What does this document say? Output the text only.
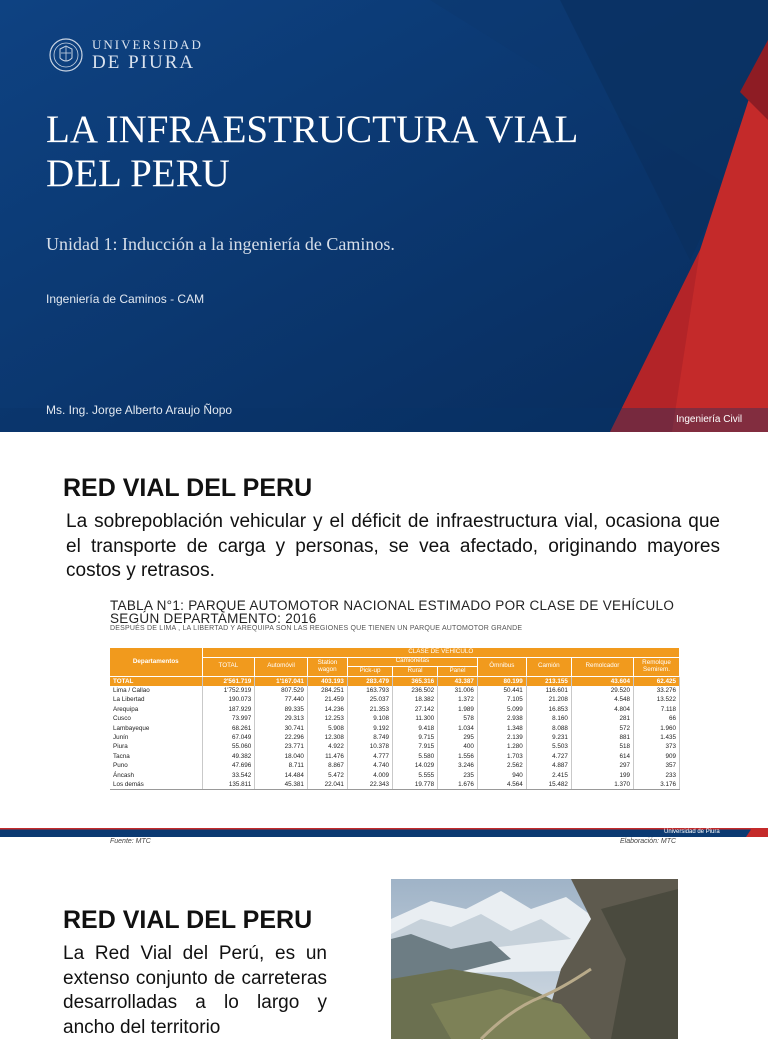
UNIVERSIDAD
DE PIURA
LA INFRAESTRUCTURA VIAL DEL PERU
Unidad 1: Inducción a la ingeniería de Caminos.
Ingeniería de Caminos - CAM
Ms. Ing. Jorge Alberto Araujo Ñopo
Ingeniería Civil
RED VIAL DEL PERU

La sobrepoblación vehicular y el déficit de infraestructura vial, ocasiona que el transporte de carga y personas, se vea afectado, originando mayores costos y retrasos.

TABLA N°1: PARQUE AUTOMOTOR NACIONAL ESTIMADO POR CLASE DE VEHÍCULO
SEGÚN DEPARTAMENTO: 2016
DESPUÉS DE LIMA , LA LIBERTAD Y AREQUIPA SON LAS REGIONES QUE TIENEN UN PARQUE AUTOMOTOR GRANDE
Departamentos	CLASE DE VEHÍCULO									
	TOTAL	Automóvil	Station wagon	Camionetas			Ómnibus	Camión	Remolcador	Remolque Semirem.
				Pick-up	Rural	Panel				
TOTAL	2'561.719	1'167.041	403.193	283.479	365.316	43.387	80.199	213.155	43.604	62.425
Lima / Callao	1'752.919	807.529	284.251	163.793	236.502	31.006	50.441	116.601	29.520	33.276
La Libertad	190.073	77.440	21.459	25.037	18.382	1.372	7.105	21.208	4.548	13.522
Arequipa	187.929	89.335	14.236	21.353	27.142	1.989	5.099	16.853	4.804	7.118
Cusco	73.997	29.313	12.253	9.108	11.300	578	2.938	8.160	281	66
Lambayeque	68.261	30.741	5.908	9.192	9.418	1.034	1.348	8.088	572	1.960
Junín	67.049	22.296	12.308	8.749	9.715	295	2.139	9.231	881	1.435
Piura	55.060	23.771	4.922	10.378	7.915	400	1.280	5.503	518	373
Tacna	49.382	18.040	11.476	4.777	5.580	1.556	1.703	4.727	614	909
Puno	47.696	8.711	8.867	4.740	14.029	3.246	2.562	4.887	297	357
Áncash	33.542	14.484	5.472	4.009	5.555	235	940	2.415	199	233
Los demás	135.811	45.381	22.041	22.343	19.778	1.676	4.564	15.482	1.370	3.176
Fuente: MTC	Elaboración: MTC
Universidad de Piura
RED VIAL DEL PERU

La Red Vial del Perú, es un extenso conjunto de carreteras desarrolladas a lo largo y ancho del territorio
